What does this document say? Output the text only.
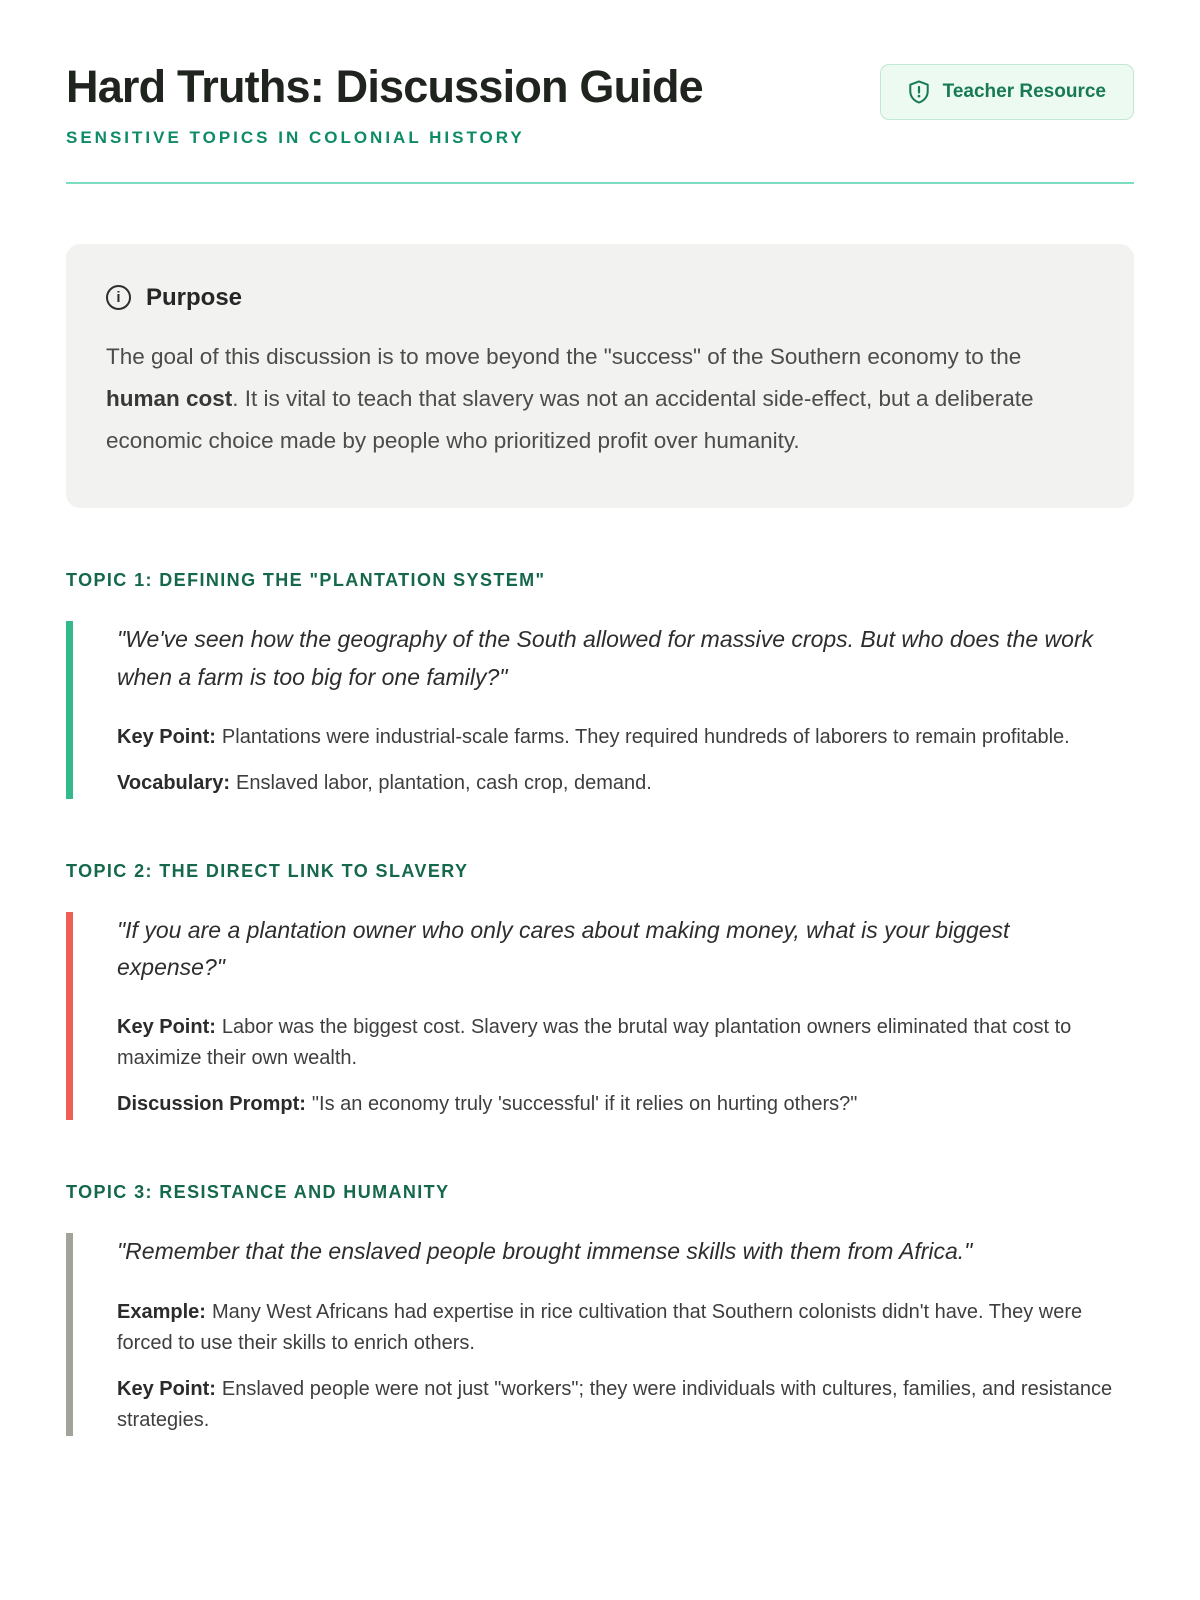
Hard Truths: Discussion Guide
SENSITIVE TOPICS IN COLONIAL HISTORY
Teacher Resource
i	Purpose

The goal of this discussion is to move beyond the "success" of the Southern economy to the human cost. It is vital to teach that slavery was not an accidental side-effect, but a deliberate economic choice made by people who prioritized profit over humanity.

TOPIC 1: DEFINING THE "PLANTATION SYSTEM"

"We've seen how the geography of the South allowed for massive crops. But who does the work when a farm is too big for one family?"

Key Point: Plantations were industrial-scale farms. They required hundreds of laborers to remain profitable.

Vocabulary: Enslaved labor, plantation, cash crop, demand.

TOPIC 2: THE DIRECT LINK TO SLAVERY

"If you are a plantation owner who only cares about making money, what is your biggest expense?"

Key Point: Labor was the biggest cost. Slavery was the brutal way plantation owners eliminated that cost to maximize their own wealth.

Discussion Prompt: "Is an economy truly 'successful' if it relies on hurting others?"

TOPIC 3: RESISTANCE AND HUMANITY

"Remember that the enslaved people brought immense skills with them from Africa."

Example: Many West Africans had expertise in rice cultivation that Southern colonists didn't have. They were forced to use their skills to enrich others.

Key Point: Enslaved people were not just "workers"; they were individuals with cultures, families, and resistance strategies.
